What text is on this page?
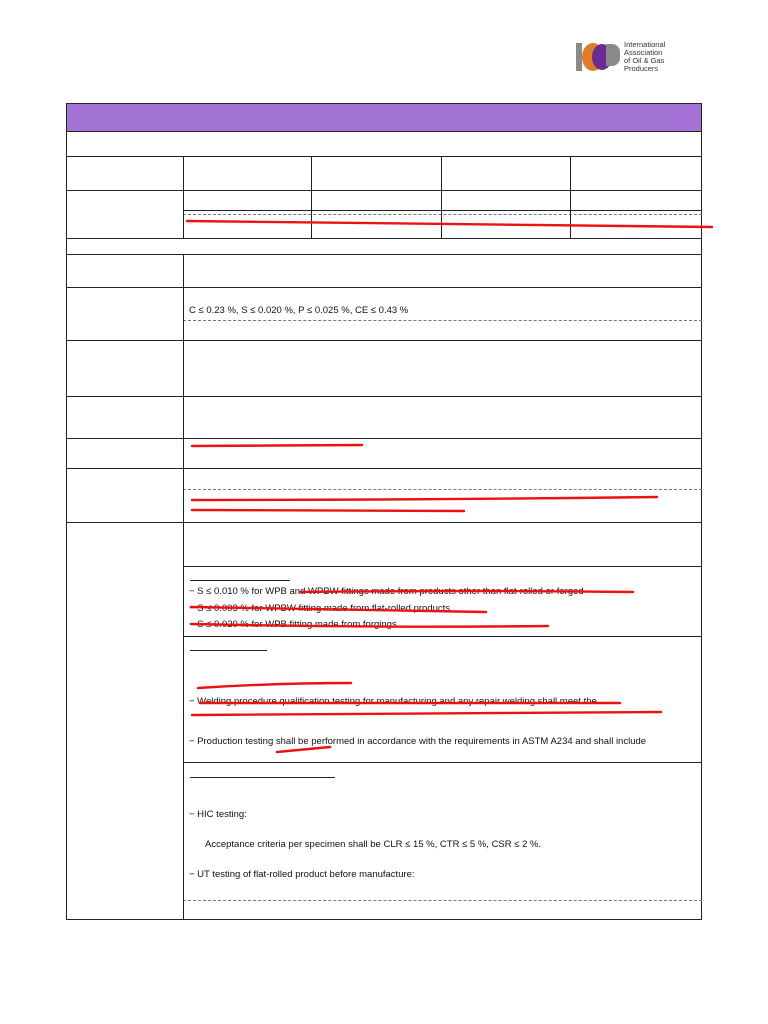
International
Association
of Oil & Gas
Producers
C ≤ 0.23 %, S ≤ 0.020 %, P ≤ 0.025 %, CE ≤ 0.43 %
− S ≤ 0.010 % for WPB and WPBW fittings made from products other than flat-rolled or forged
− S ≤ 0.003 % for WPBW fitting made from flat-rolled products
− S ≤ 0.020 % for WPB fitting made from forgings
− Welding procedure qualification testing for manufacturing and any repair welding shall meet the
− Production testing shall be performed in accordance with the requirements in ASTM A234 and shall include
− HIC testing:
Acceptance criteria per specimen shall be CLR ≤ 15 %, CTR ≤ 5 %, CSR ≤ 2 %.
− UT testing of flat-rolled product before manufacture:
